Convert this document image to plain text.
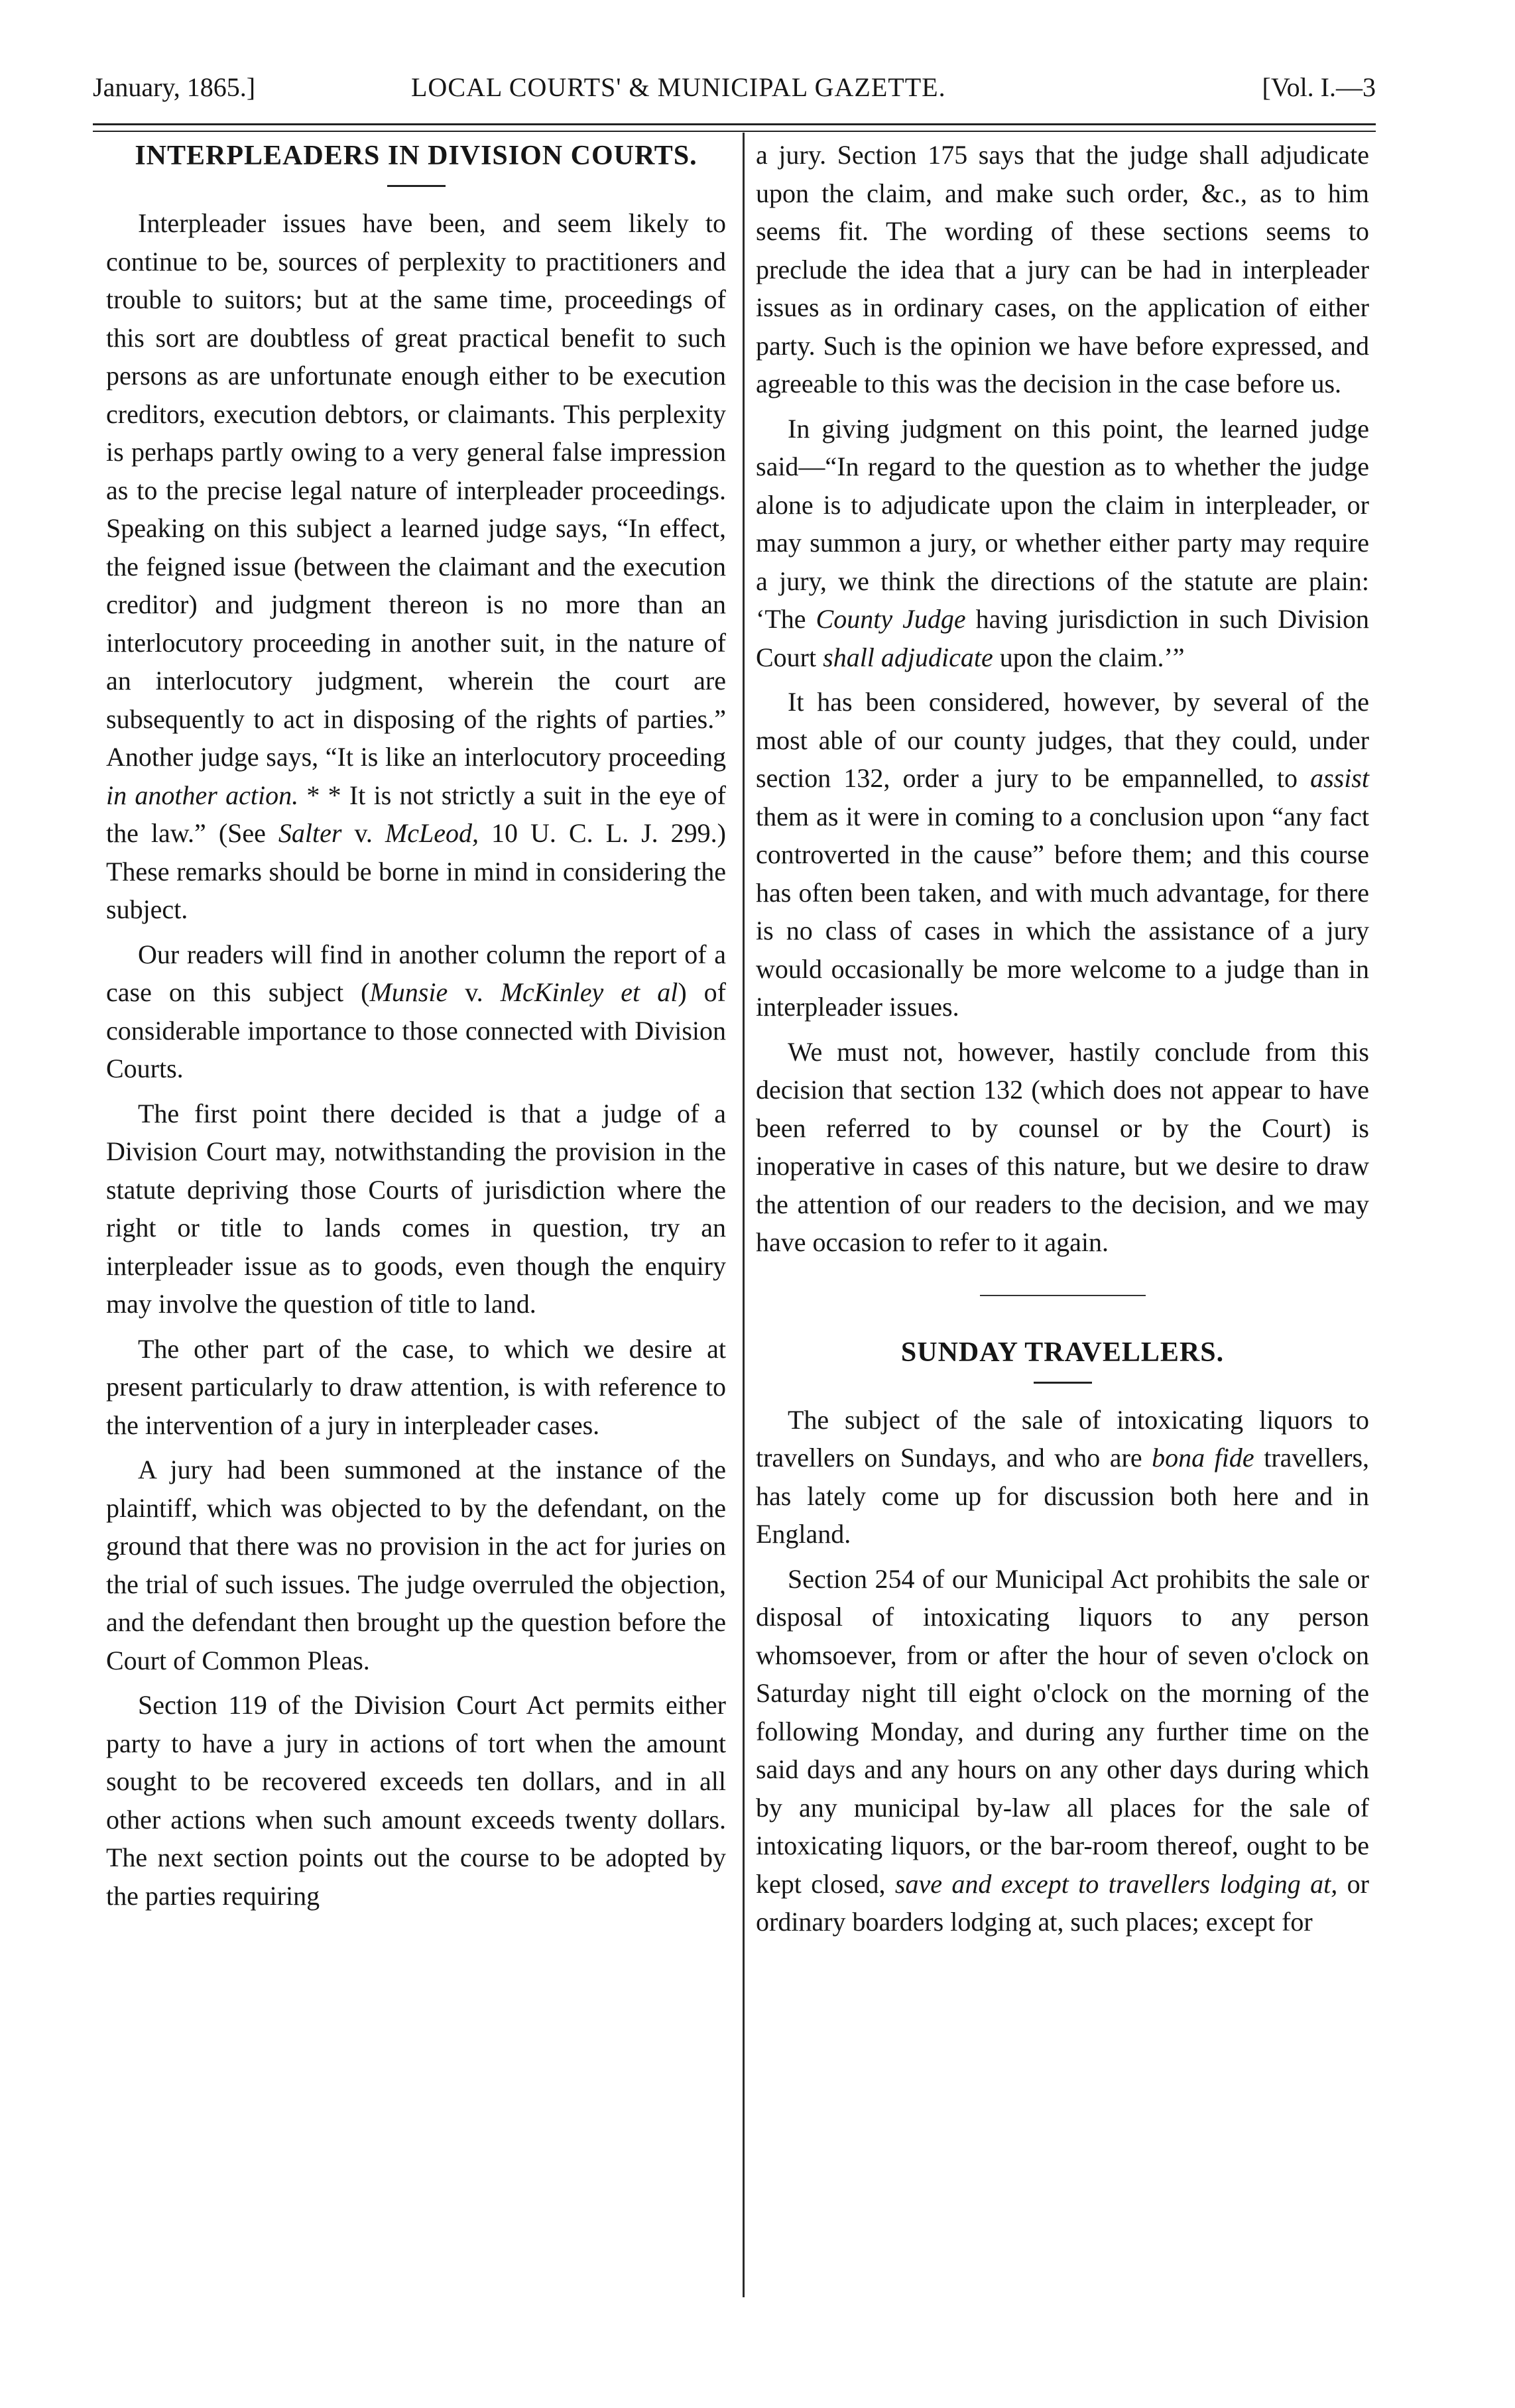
January, 1865.]	LOCAL COURTS' & MUNICIPAL GAZETTE.	[Vol. I.—3
INTERPLEADERS IN DIVISION COURTS.

Interpleader issues have been, and seem likely to continue to be, sources of perplexity to practitioners and trouble to suitors; but at the same time, proceedings of this sort are doubtless of great practical benefit to such persons as are unfortunate enough either to be execution creditors, execution debtors, or claimants. This perplexity is perhaps partly owing to a very general false impression as to the precise legal nature of interpleader proceedings. Speaking on this subject a learned judge says, “In effect, the feigned issue (between the claimant and the execution creditor) and judgment thereon is no more than an interlocutory proceeding in another suit, in the nature of an interlocutory judgment, wherein the court are subsequently to act in disposing of the rights of parties.” Another judge says, “It is like an interlocutory proceeding in another action. * * It is not strictly a suit in the eye of the law.” (See Salter v. McLeod, 10 U. C. L. J. 299.) These remarks should be borne in mind in considering the subject.

Our readers will find in another column the report of a case on this subject (Munsie v. McKinley et al) of considerable importance to those connected with Division Courts.

The first point there decided is that a judge of a Division Court may, notwithstanding the provision in the statute depriving those Courts of jurisdiction where the right or title to lands comes in question, try an interpleader issue as to goods, even though the enquiry may involve the question of title to land.

The other part of the case, to which we desire at present particularly to draw attention, is with reference to the intervention of a jury in interpleader cases.

A jury had been summoned at the instance of the plaintiff, which was objected to by the defendant, on the ground that there was no provision in the act for juries on the trial of such issues. The judge overruled the objection, and the defendant then brought up the question before the Court of Common Pleas.

Section 119 of the Division Court Act permits either party to have a jury in actions of tort when the amount sought to be recovered exceeds ten dollars, and in all other actions when such amount exceeds twenty dollars. The next section points out the course to be adopted by the parties requiring

a jury. Section 175 says that the judge shall adjudicate upon the claim, and make such order, &c., as to him seems fit. The wording of these sections seems to preclude the idea that a jury can be had in interpleader issues as in ordinary cases, on the application of either party. Such is the opinion we have before expressed, and agreeable to this was the decision in the case before us.

In giving judgment on this point, the learned judge said—“In regard to the question as to whether the judge alone is to adjudicate upon the claim in interpleader, or may summon a jury, or whether either party may require a jury, we think the directions of the statute are plain: ‘The County Judge having jurisdiction in such Division Court shall adjudicate upon the claim.’”

It has been considered, however, by several of the most able of our county judges, that they could, under section 132, order a jury to be empannelled, to assist them as it were in coming to a conclusion upon “any fact controverted in the cause” before them; and this course has often been taken, and with much advantage, for there is no class of cases in which the assistance of a jury would occasionally be more welcome to a judge than in interpleader issues.

We must not, however, hastily conclude from this decision that section 132 (which does not appear to have been referred to by counsel or by the Court) is inoperative in cases of this nature, but we desire to draw the attention of our readers to the decision, and we may have occasion to refer to it again.

SUNDAY TRAVELLERS.

The subject of the sale of intoxicating liquors to travellers on Sundays, and who are bona fide travellers, has lately come up for discussion both here and in England.

Section 254 of our Municipal Act prohibits the sale or disposal of intoxicating liquors to any person whomsoever, from or after the hour of seven o'clock on Saturday night till eight o'clock on the morning of the following Monday, and during any further time on the said days and any hours on any other days during which by any municipal by-law all places for the sale of intoxicating liquors, or the bar-room thereof, ought to be kept closed, save and except to travellers lodging at, or ordinary boarders lodging at, such places; except for
